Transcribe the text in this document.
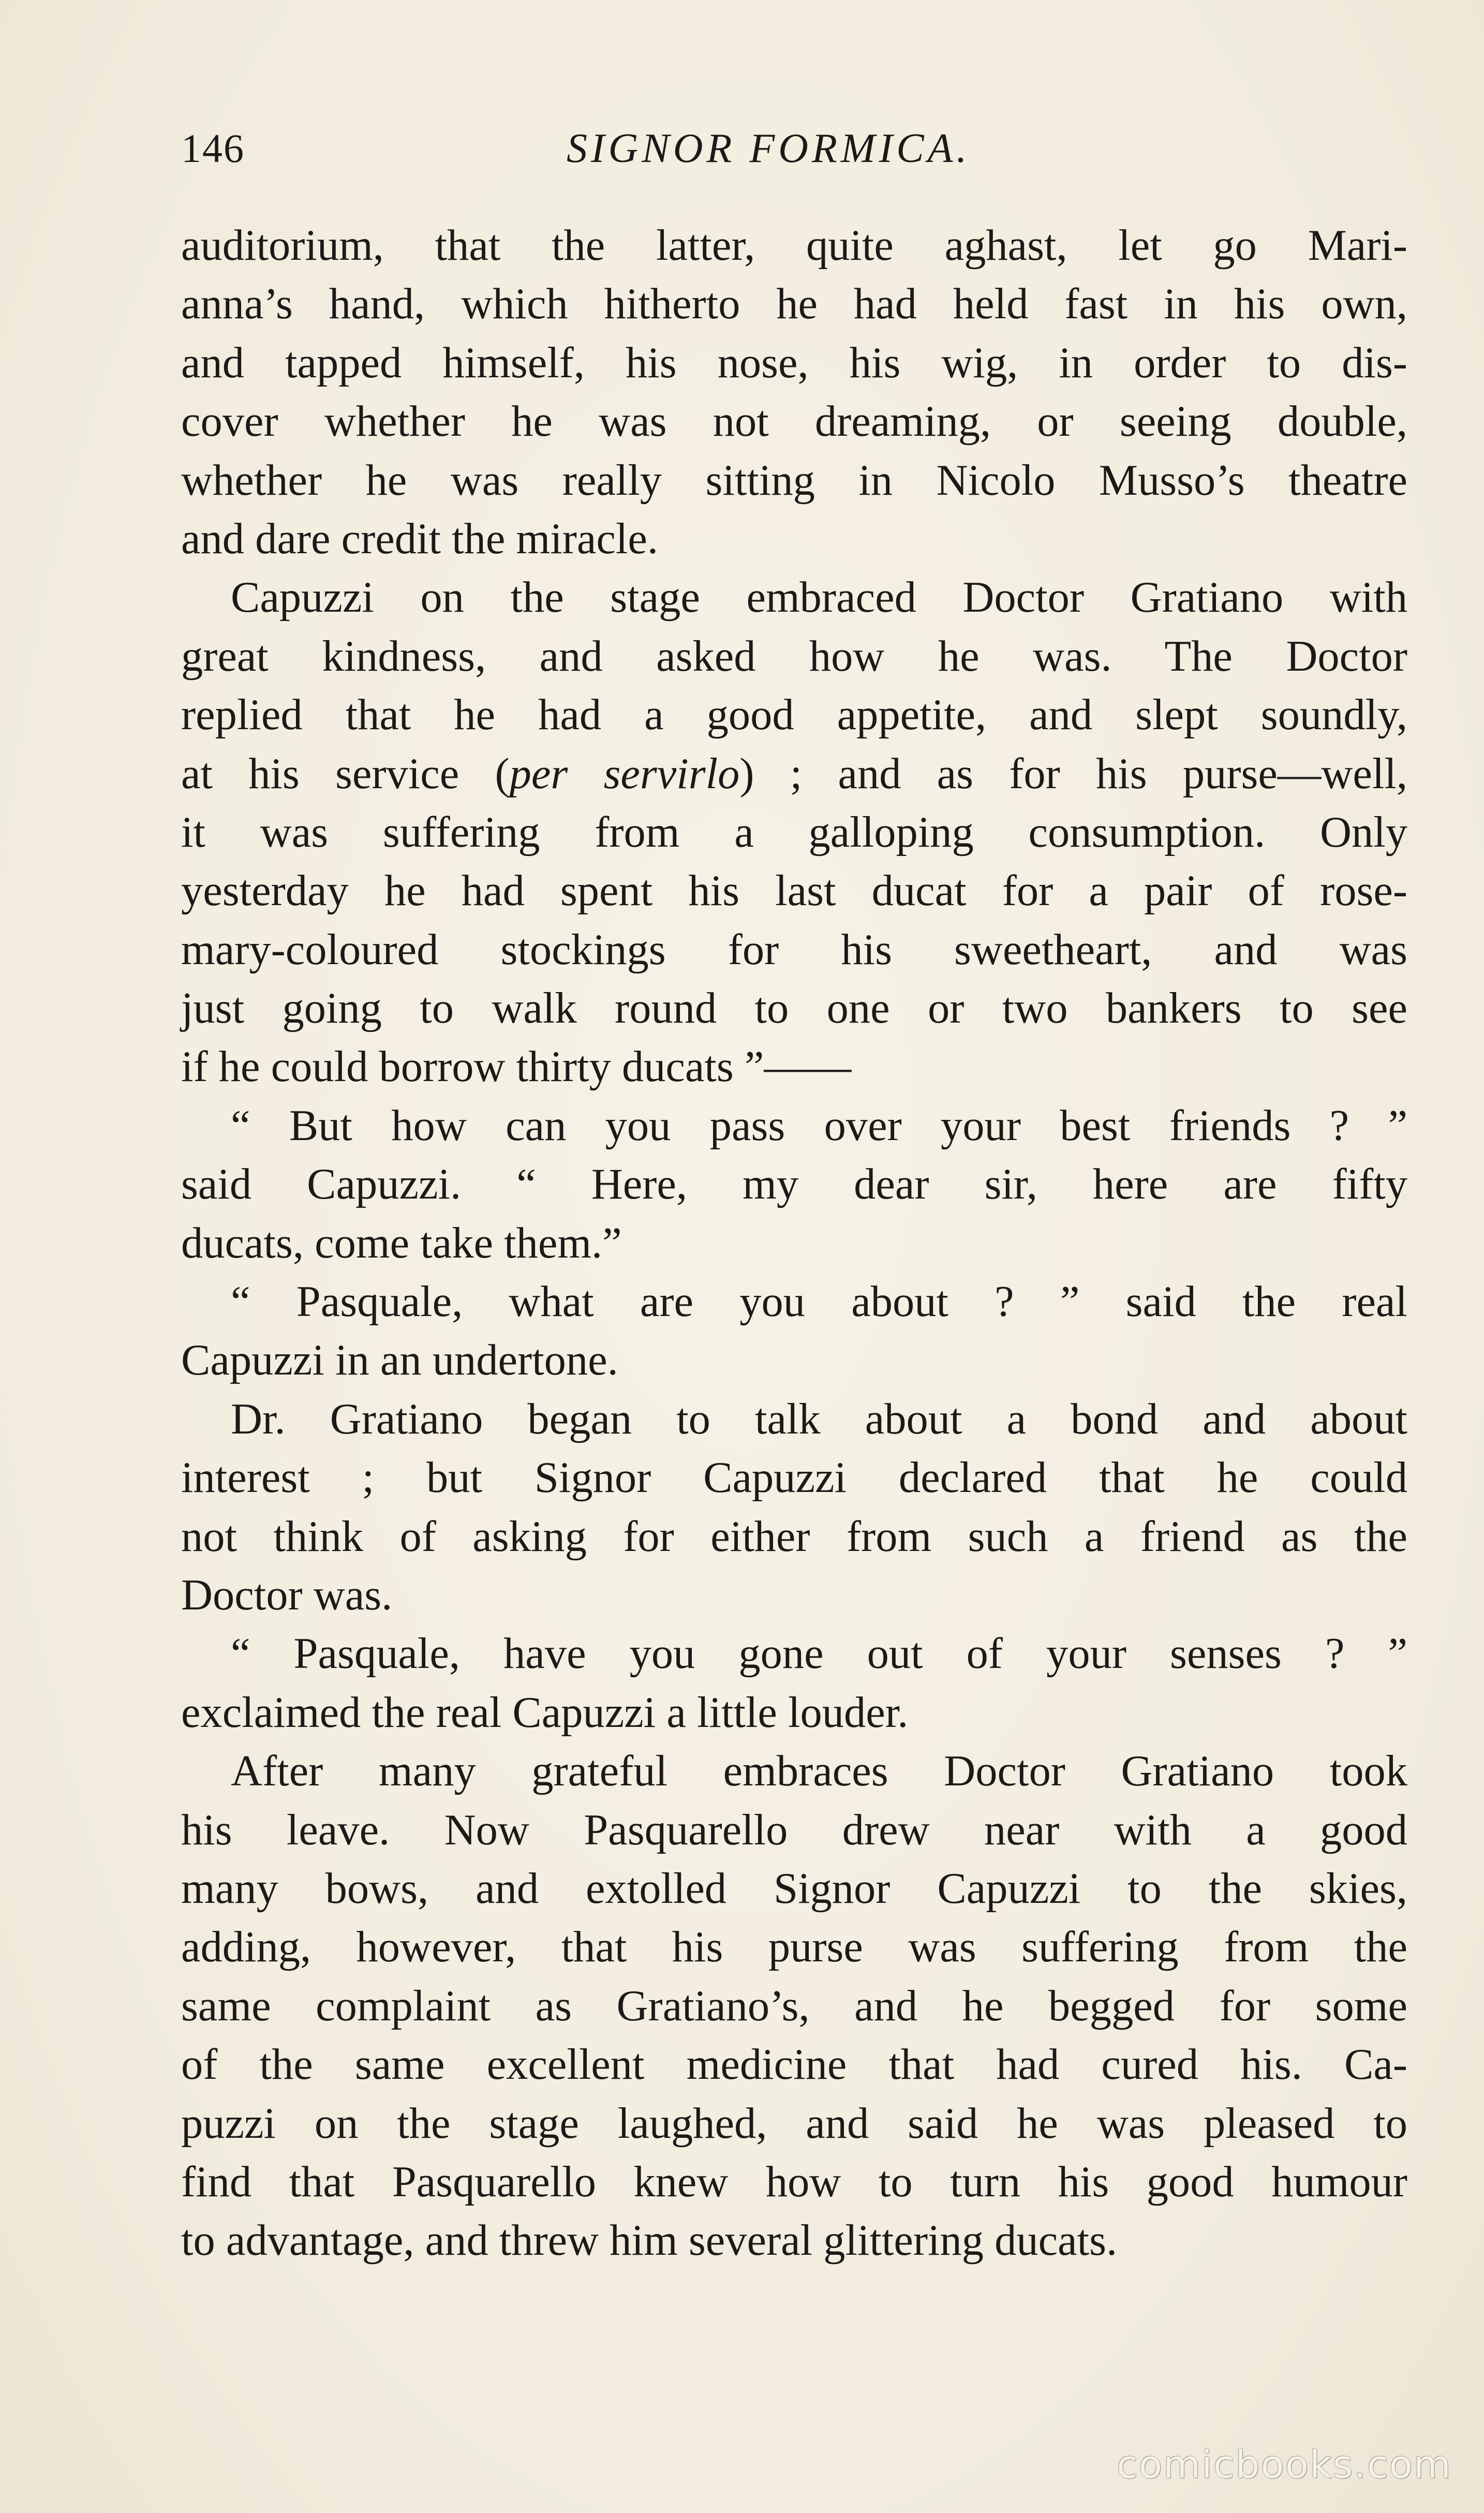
146	SIGNOR FORMICA.
auditorium, that the latter, quite aghast, let go Mari-
anna’s hand, which hitherto he had held fast in his own,
and tapped himself, his nose, his wig, in order to dis-
cover whether he was not dreaming, or seeing double,
whether he was really sitting in Nicolo Musso’s theatre
and dare credit the miracle.
Capuzzi on the stage embraced Doctor Gratiano with
great kindness, and asked how he was. The Doctor
replied that he had a good appetite, and slept soundly,
at his service (per servirlo) ; and as for his purse—well,
it was suffering from a galloping consumption. Only
yesterday he had spent his last ducat for a pair of rose-
mary-coloured stockings for his sweetheart, and was
just going to walk round to one or two bankers to see
if he could borrow thirty ducats ”——
“ But how can you pass over your best friends ? ”
said Capuzzi. “ Here, my dear sir, here are fifty
ducats, come take them.”
“ Pasquale, what are you about ? ” said the real
Capuzzi in an undertone.
Dr. Gratiano began to talk about a bond and about
interest ; but Signor Capuzzi declared that he could
not think of asking for either from such a friend as the
Doctor was.
“ Pasquale, have you gone out of your senses ? ”
exclaimed the real Capuzzi a little louder.
After many grateful embraces Doctor Gratiano took
his leave. Now Pasquarello drew near with a good
many bows, and extolled Signor Capuzzi to the skies,
adding, however, that his purse was suffering from the
same complaint as Gratiano’s, and he begged for some
of the same excellent medicine that had cured his. Ca-
puzzi on the stage laughed, and said he was pleased to
find that Pasquarello knew how to turn his good humour
to advantage, and threw him several glittering ducats.
comicbooks.com
